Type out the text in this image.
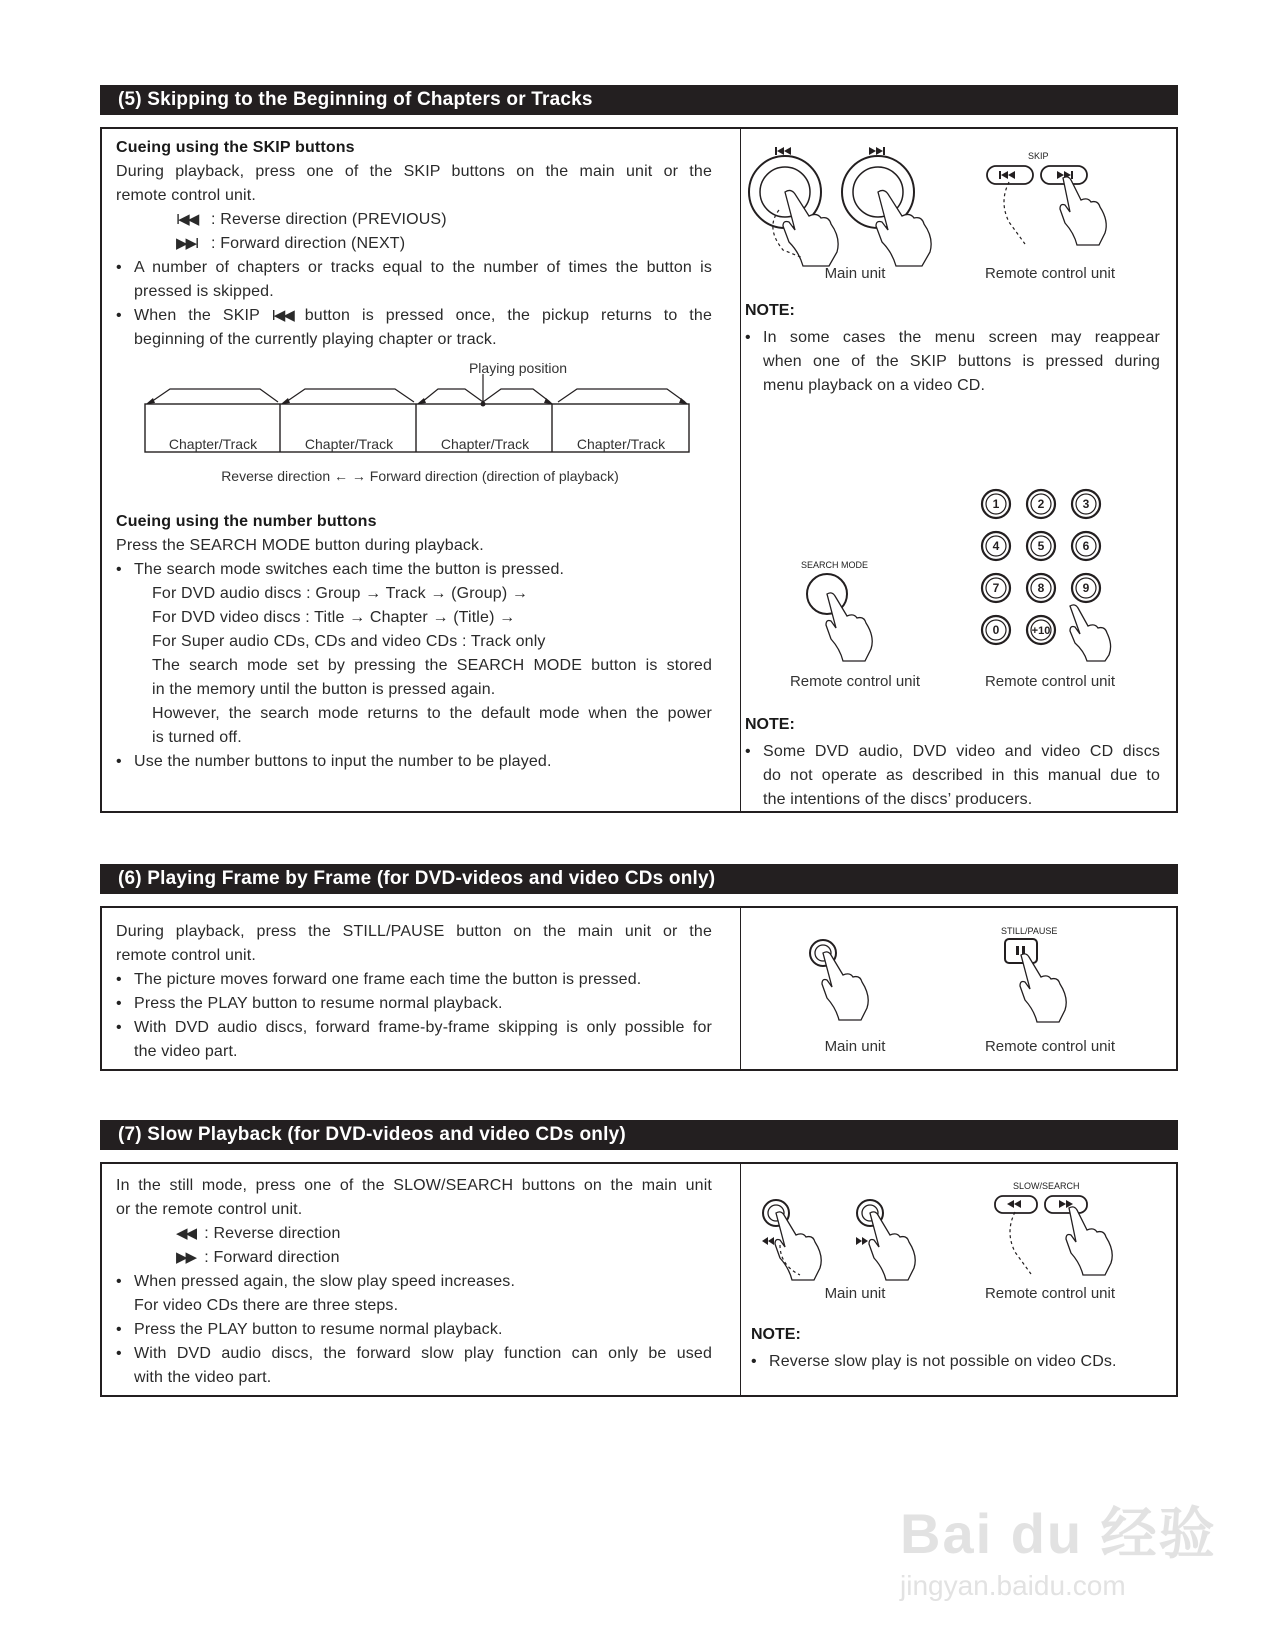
(5) Skipping to the Beginning of Chapters or Tracks
Cueing using the SKIP buttons
During playback, press one of the SKIP buttons on the main unit or the
remote control unit.
I◀◀ : Reverse direction (PREVIOUS)
▶▶I : Forward direction (NEXT)
• A number of chapters or tracks equal to the number of times the button is
pressed is skipped.
• When the SKIP I◀◀ button is pressed once, the pickup returns to the
beginning of the currently playing chapter or track.
Playing position
Chapter/Track	Chapter/Track	Chapter/Track	Chapter/Track
Reverse direction ← → Forward direction (direction of playback)
Cueing using the number buttons
Press the SEARCH MODE button during playback.
• The search mode switches each time the button is pressed.
For DVD audio discs : Group → Track → (Group) →
For DVD video discs : Title → Chapter → (Title) →
For Super audio CDs, CDs and video CDs : Track only
The search mode set by pressing the SEARCH MODE button is stored
in the memory until the button is pressed again.
However, the search mode returns to the default mode when the power
is turned off.
• Use the number buttons to input the number to be played.
SKIP
Main unit	Remote control unit
NOTE:
• In some cases the menu screen may reappear
when one of the SKIP buttons is pressed during
menu playback on a video CD.
SEARCH MODE
1	2	3
4	5	6
7	8	9
0	+10
Remote control unit	Remote control unit
NOTE:
• Some DVD audio, DVD video and video CD discs
do not operate as described in this manual due to
the intentions of the discs’ producers.
(6) Playing Frame by Frame (for DVD-videos and video CDs only)
During playback, press the STILL/PAUSE button on the main unit or the
remote control unit.
• The picture moves forward one frame each time the button is pressed.
• Press the PLAY button to resume normal playback.
• With DVD audio discs, forward frame-by-frame skipping is only possible for
the video part.
STILL/PAUSE
Main unit	Remote control unit
(7) Slow Playback (for DVD-videos and video CDs only)
In the still mode, press one of the SLOW/SEARCH buttons on the main unit
or the remote control unit.
◀◀ : Reverse direction
▶▶ : Forward direction
• When pressed again, the slow play speed increases.
For video CDs there are three steps.
• Press the PLAY button to resume normal playback.
• With DVD audio discs, the forward slow play function can only be used
with the video part.
SLOW/SEARCH
Main unit	Remote control unit
NOTE:
• Reverse slow play is not possible on video CDs.
Bai du 经验
jingyan.baidu.com
